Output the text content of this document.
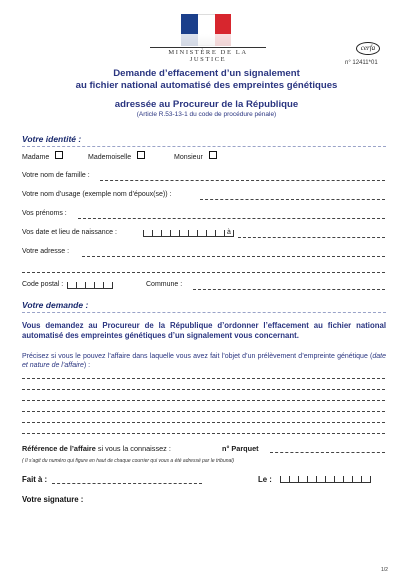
MINISTÈRE DE LA JUSTICE
cerfa
n° 12411*01
Demande d’effacement d’un signalement
au fichier national automatisé des empreintes génétiques
adressée au Procureur de la République
(Article R.53-13-1 du code de procédure pénale)
Votre identité :
Madame	Mademoiselle	Monsieur
Votre nom de famille :
Votre nom d’usage (exemple nom d’époux(se)) :
Vos prénoms :
Vos date et lieu de naissance :	à
Votre adresse :
Code postal :	Commune :
Votre demande :
Vous demandez au Procureur de la République d’ordonner l’effacement au fichier national automatisé des empreintes génétiques d’un signalement vous concernant.
Précisez si vous le pouvez l’affaire dans laquelle vous avez fait l’objet d’un prélèvement d’empreinte génétique (date et nature de l’affaire) :
Référence de l’affaire si vous la connaissez :	n° Parquet
( Il s’agit du numéro qui figure en haut de chaque courrier qui vous a été adressé par le tribunal)
Fait à :	Le :
Votre signature :
1/2
